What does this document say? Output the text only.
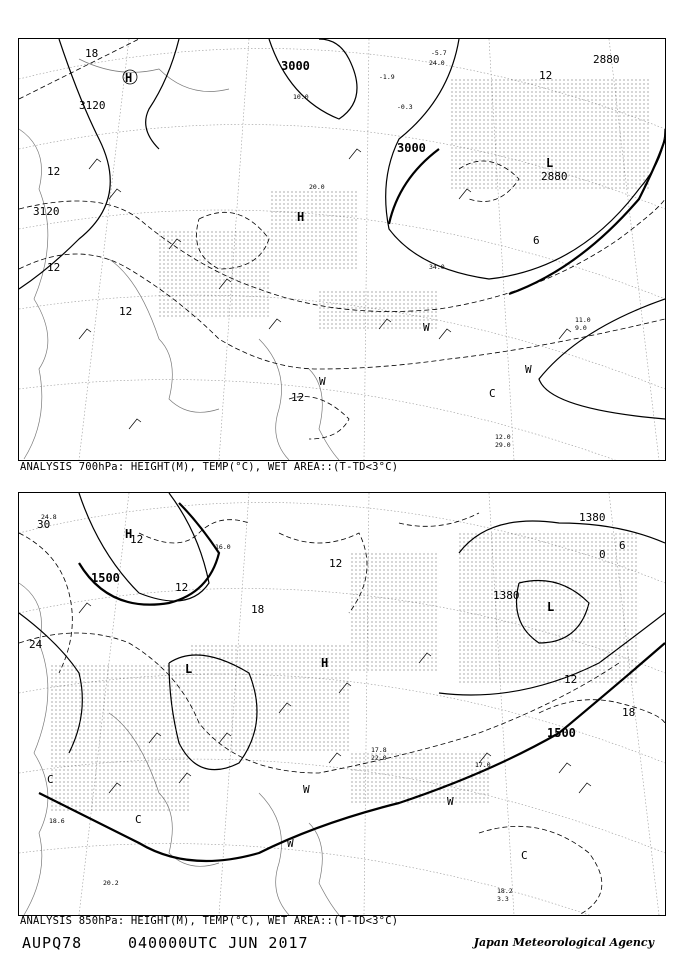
3120
3120
3000
3000
2880
2880
18
12
12
12
6
12
12
H
H
L
W
W
W
C
10.0
24.0
-5.7
-0.3
-1.9
20.0
34.0
11.0
9.0
12.0
29.0
ANALYSIS 700hPa: HEIGHT(M), TEMP(°C), WET AREA::(T-TD<3°C)
1500
1500
1380
1380
30
24
18
12
12
12
12
18
6
0
H
L	H
L
W
W
W
C
C
C
24.8
16.0
17.8
22.0
18.6
17.0
18.2
3.3
20.2
ANALYSIS 850hPa: HEIGHT(M), TEMP(°C), WET AREA::(T-TD<3°C)
AUPQ78	040000UTC JUN 2017	Japan Meteorological Agency
